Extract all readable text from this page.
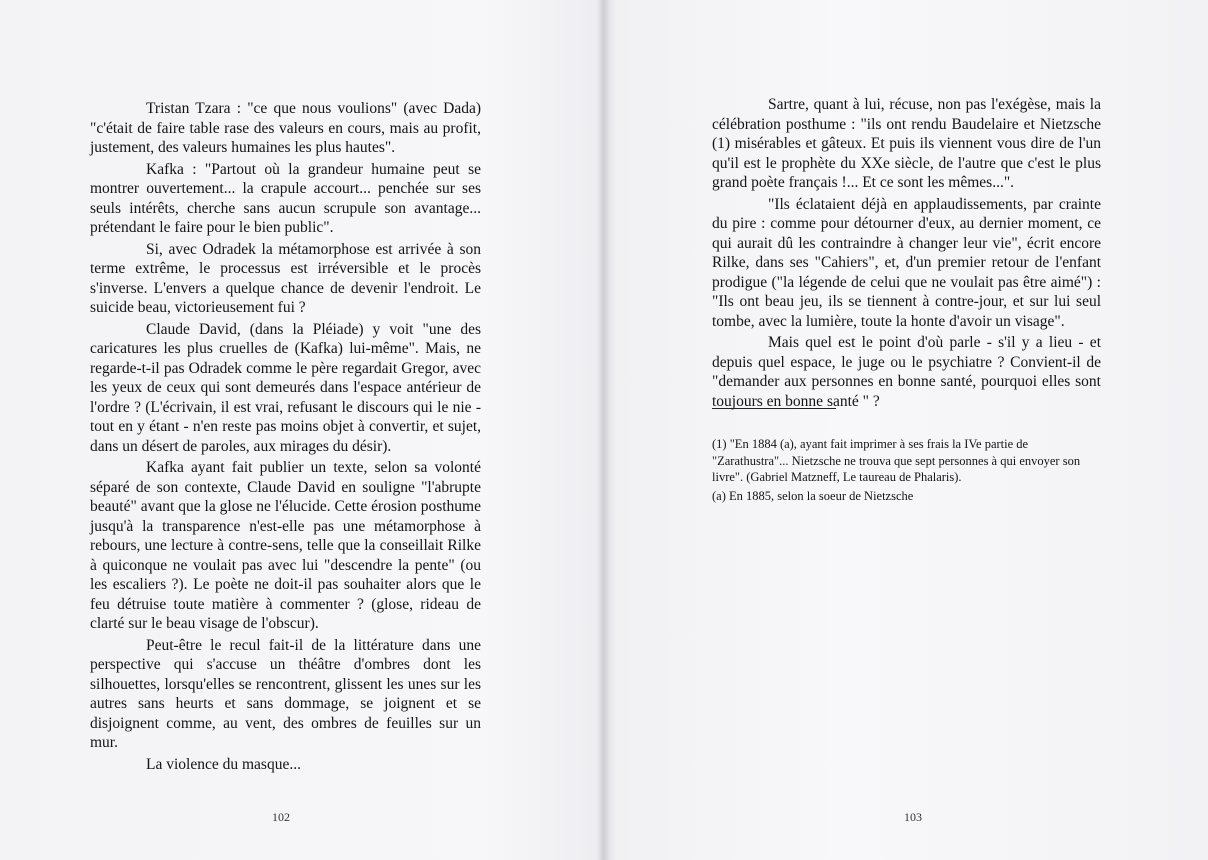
Tristan Tzara : "ce que nous voulions" (avec Dada) "c'était de faire table rase des valeurs en cours, mais au profit, justement, des valeurs humaines les plus hautes".

Kafka : "Partout où la grandeur humaine peut se montrer ouvertement... la crapule accourt... penchée sur ses seuls intérêts, cherche sans aucun scrupule son avantage... prétendant le faire pour le bien public".

Si, avec Odradek la métamorphose est arrivée à son terme extrême, le processus est irréversible et le procès s'inverse. L'envers a quelque chance de devenir l'endroit. Le suicide beau, victorieusement fui ?

Claude David, (dans la Pléiade) y voit "une des caricatures les plus cruelles de (Kafka) lui-même". Mais, ne regarde-t-il pas Odradek comme le père regardait Gregor, avec les yeux de ceux qui sont demeurés dans l'espace antérieur de l'ordre ? (L'écrivain, il est vrai, refusant le discours qui le nie - tout en y étant - n'en reste pas moins objet à convertir, et sujet, dans un désert de paroles, aux mirages du désir).

Kafka ayant fait publier un texte, selon sa volonté séparé de son contexte, Claude David en souligne "l'abrupte beauté" avant que la glose ne l'élucide. Cette érosion posthume jusqu'à la transparence n'est-elle pas une métamorphose à rebours, une lecture à contre-sens, telle que la conseillait Rilke à quiconque ne voulait pas avec lui "descendre la pente" (ou les escaliers ?). Le poète ne doit-il pas souhaiter alors que le feu détruise toute matière à commenter ? (glose, rideau de clarté sur le beau visage de l'obscur).

Peut-être le recul fait-il de la littérature dans une perspective qui s'accuse un théâtre d'ombres dont les silhouettes, lorsqu'elles se rencontrent, glissent les unes sur les autres sans heurts et sans dommage, se joignent et se disjoignent comme, au vent, des ombres de feuilles sur un mur.

La violence du masque...

102

Sartre, quant à lui, récuse, non pas l'exégèse, mais la célébration posthume : "ils ont rendu Baudelaire et Nietzsche (1) misérables et gâteux. Et puis ils viennent vous dire de l'un qu'il est le prophète du XXe siècle, de l'autre que c'est le plus grand poète français !... Et ce sont les mêmes...".

"Ils éclataient déjà en applaudissements, par crainte du pire : comme pour détourner d'eux, au dernier moment, ce qui aurait dû les contraindre à changer leur vie", écrit encore Rilke, dans ses "Cahiers", et, d'un premier retour de l'enfant prodigue ("la légende de celui que ne voulait pas être aimé") : "Ils ont beau jeu, ils se tiennent à contre-jour, et sur lui seul tombe, avec la lumière, toute la honte d'avoir un visage".

Mais quel est le point d'où parle - s'il y a lieu - et depuis quel espace, le juge ou le psychiatre ? Convient-il de "demander aux personnes en bonne santé, pourquoi elles sont toujours en bonne santé " ?

(1) "En 1884 (a), ayant fait imprimer à ses frais la IVe partie de "Zarathustra"... Nietzsche ne trouva que sept personnes à qui envoyer son livre". (Gabriel Matzneff, Le taureau de Phalaris).

(a) En 1885, selon la soeur de Nietzsche

103
